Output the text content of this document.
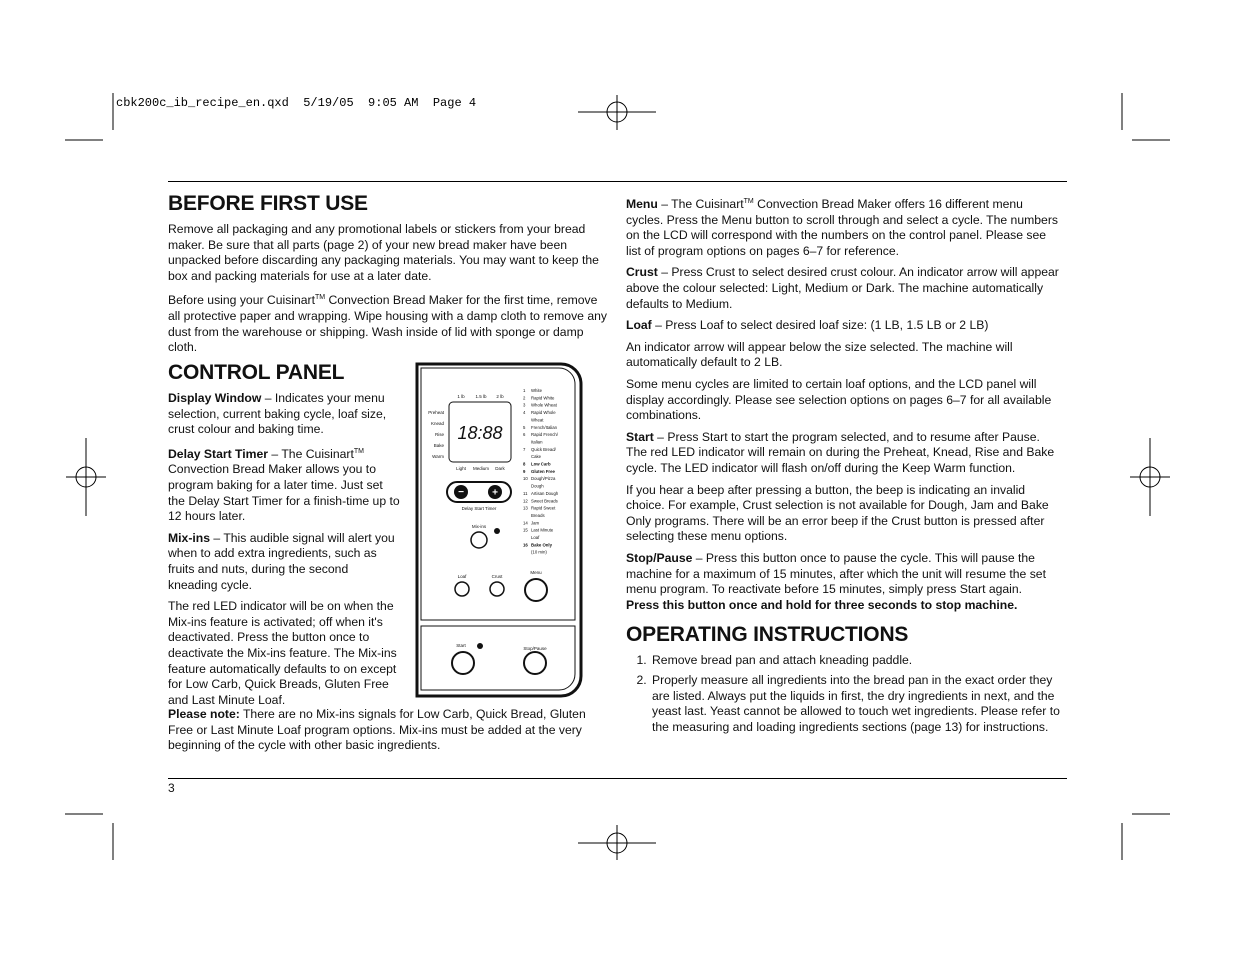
cbk200c_ib_recipe_en.qxd  5/19/05  9:05 AM  Page 4
BEFORE FIRST USE

Remove all packaging and any promotional labels or stickers from your bread maker. Be sure that all parts (page 2) of your new bread maker have been unpacked before discarding any packaging materials. You may want to keep the box and packing materials for use at a later date.

Before using your Cuisinart™ Convection Bread Maker for the first time, remove all protective paper and wrapping. Wipe housing with a damp cloth to remove any dust from the warehouse or shipping. Wash inside of lid with sponge or damp cloth.

CONTROL PANEL

Display Window – Indicates your menu selection, current baking cycle, loaf size, crust colour and baking time.

Delay Start Timer – The Cuisinart™ Convection Bread Maker allows you to program baking for a later time. Just set the Delay Start Timer for a finish-time up to 12 hours later.

Mix-ins – This audible signal will alert you when to add extra ingredients, such as fruits and nuts, during the second kneading cycle.

The red LED indicator will be on when the Mix-ins feature is activated; off when it's deactivated. Press the button once to deactivate the Mix-ins feature. The Mix-ins feature automatically defaults to on except for Low Carb, Quick Breads, Gluten Free and Last Minute Loaf.

Please note: There are no Mix-ins signals for Low Carb, Quick Bread, Gluten Free or Last Minute Loaf program options. Mix-ins must be added at the very beginning of the cycle with other basic ingredients.

18:88
1 lb 1.5 lb 2 lb
Preheat
Knead
Rise
Bake
Warm
Light Medium Dark
−	+
Delay Start Timer
1 White
2 Rapid White
3 Whole Wheat
4 Rapid Whole
Wheat
5 French/Italian
6 Rapid French/
Italian
7 Quick Bread/
Cake
8 Low Carb
9 Gluten Free
10 Dough/Pizza
Dough
11 Artisan Dough
12 Sweet Breads
13 Rapid Sweet
Breads
14 Jam
15 Last Minute
Loaf
16 Bake Only
(10 min)
Mix-ins
Loaf	Crust
Menu
Start
Stop/Pause

Menu – The Cuisinart™ Convection Bread Maker offers 16 different menu cycles. Press the Menu button to scroll through and select a cycle. The numbers on the LCD will correspond with the numbers on the control panel. Please see list of program options on pages 6–7 for reference.

Crust – Press Crust to select desired crust colour. An indicator arrow will appear above the colour selected: Light, Medium or Dark. The machine automatically defaults to Medium.

Loaf – Press Loaf to select desired loaf size: (1 LB, 1.5 LB or 2 LB)

An indicator arrow will appear below the size selected. The machine will automatically default to 2 LB.

Some menu cycles are limited to certain loaf options, and the LCD panel will display accordingly. Please see selection options on pages 6–7 for all available combinations.

Start – Press Start to start the program selected, and to resume after Pause. The red LED indicator will remain on during the Preheat, Knead, Rise and Bake cycle. The LED indicator will flash on/off during the Keep Warm function.

If you hear a beep after pressing a button, the beep is indicating an invalid choice. For example, Crust selection is not available for Dough, Jam and Bake Only programs. There will be an error beep if the Crust button is pressed after selecting these menu options.

Stop/Pause – Press this button once to pause the cycle. This will pause the machine for a maximum of 15 minutes, after which the unit will resume the set menu program. To reactivate before 15 minutes, simply press Start again.
Press this button once and hold for three seconds to stop machine.

OPERATING INSTRUCTIONS
1. Remove bread pan and attach kneading paddle.
2. Properly measure all ingredients into the bread pan in the exact order they are listed. Always put the liquids in first, the dry ingredients in next, and the yeast last. Yeast cannot be allowed to touch wet ingredients. Please refer to the measuring and loading ingredients sections (page 13) for instructions.
3
